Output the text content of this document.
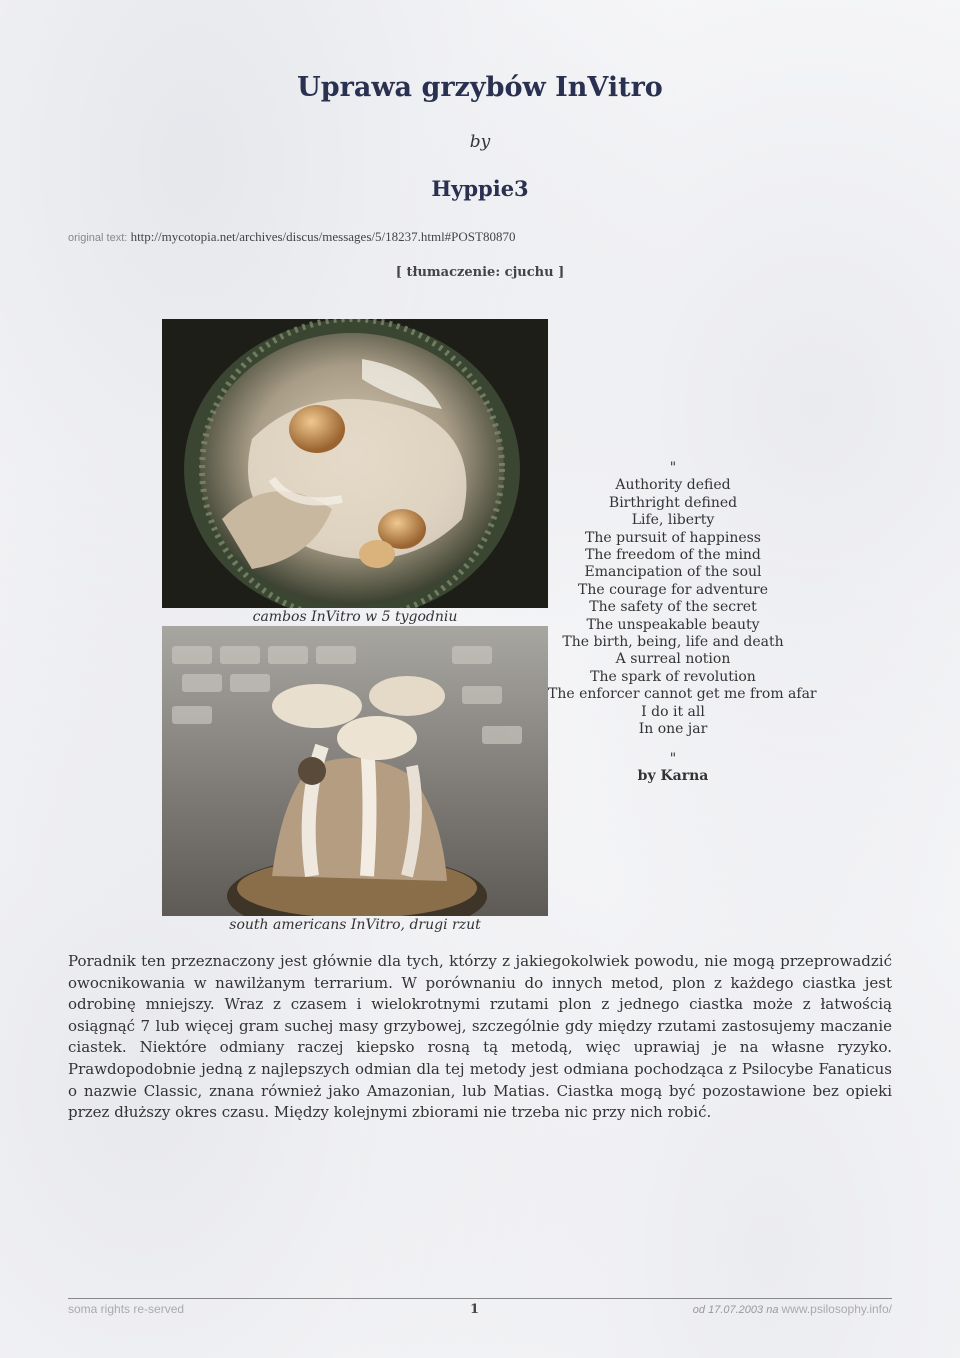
Uprawa grzybów InVitro
by
Hyppie3
original text: http://mycotopia.net/archives/discus/messages/5/18237.html#POST80870
[ tłumaczenie: cjuchu ]
cambos InVitro w 5 tygodniu
south americans InVitro, drugi rzut
"
Authority defied
Birthright defined
Life, liberty
The pursuit of happiness
The freedom of the mind
Emancipation of the soul
The courage for adventure
The safety of the secret
The unspeakable beauty
The birth, being, life and death
A surreal notion
The spark of revolution
The enforcer cannot get me from afar
I do it all
In one jar
"
by Karna

Poradnik ten przeznaczony jest głównie dla tych, którzy z jakiegokolwiek powodu, nie mogą przeprowadzić owocnikowania w nawilżanym terrarium. W porównaniu do innych metod, plon z każdego ciastka jest odrobinę mniejszy. Wraz z czasem i wielokrotnymi rzutami plon z jednego ciastka może z łatwością osiągnąć 7 lub więcej gram suchej masy grzybowej, szczególnie gdy między rzutami zastosujemy maczanie ciastek. Niektóre odmiany raczej kiepsko rosną tą metodą, więc uprawiaj je na własne ryzyko. Prawdopodobnie jedną z najlepszych odmian dla tej metody jest odmiana pochodząca z Psilocybe Fanaticus o nazwie Classic, znana również jako Amazonian, lub Matias. Ciastka mogą być pozostawione bez opieki przez dłuższy okres czasu. Między kolejnymi zbiorami nie trzeba nic przy nich robić.

soma rights re-served	1	od 17.07.2003 na www.psilosophy.info/
